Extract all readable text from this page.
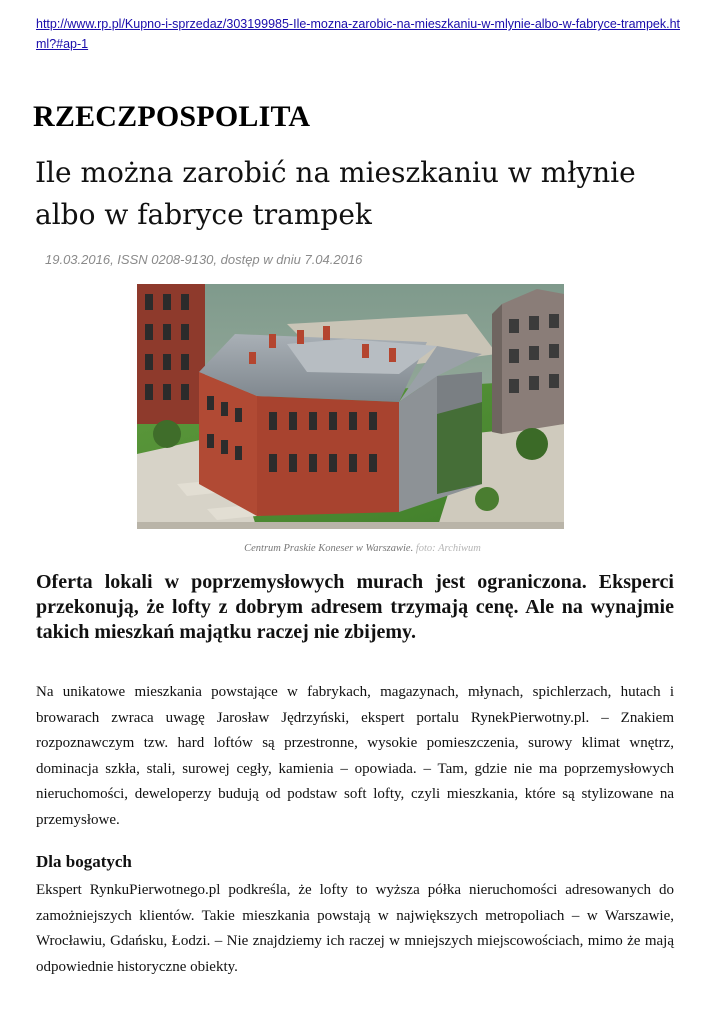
http://www.rp.pl/Kupno-i-sprzedaz/303199985-Ile-mozna-zarobic-na-mieszkaniu-w-mlynie-albo-w-fabryce-trampek.html?#ap-1
RZECZPOSPOLITA
Ile można zarobić na mieszkaniu w młynie albo w fabryce trampek
19.03.2016, ISSN 0208-9130, dostęp w dniu 7.04.2016
Centrum Praskie Koneser w Warszawie. foto: Archiwum

Oferta lokali w poprzemysłowych murach jest ograniczona. Eksperci przekonują, że lofty z dobrym adresem trzymają cenę. Ale na wynajmie takich mieszkań majątku raczej nie zbijemy.

Na unikatowe mieszkania powstające w fabrykach, magazynach, młynach, spichlerzach, hutach i browarach zwraca uwagę Jarosław Jędrzyński, ekspert portalu RynekPierwotny.pl. – Znakiem rozpoznawczym tzw. hard loftów są przestronne, wysokie pomieszczenia, surowy klimat wnętrz, dominacja szkła, stali, surowej cegły, kamienia – opowiada. – Tam, gdzie nie ma poprzemysłowych nieruchomości, deweloperzy budują od podstaw soft lofty, czyli mieszkania, które są stylizowane na przemysłowe.

Dla bogatych

Ekspert RynkuPierwotnego.pl podkreśla, że lofty to wyższa półka nieruchomości adresowanych do zamożniejszych klientów. Takie mieszkania powstają w największych metropoliach – w Warszawie, Wrocławiu, Gdańsku, Łodzi. – Nie znajdziemy ich raczej w mniejszych miejscowościach, mimo że mają odpowiednie historyczne obiekty.
